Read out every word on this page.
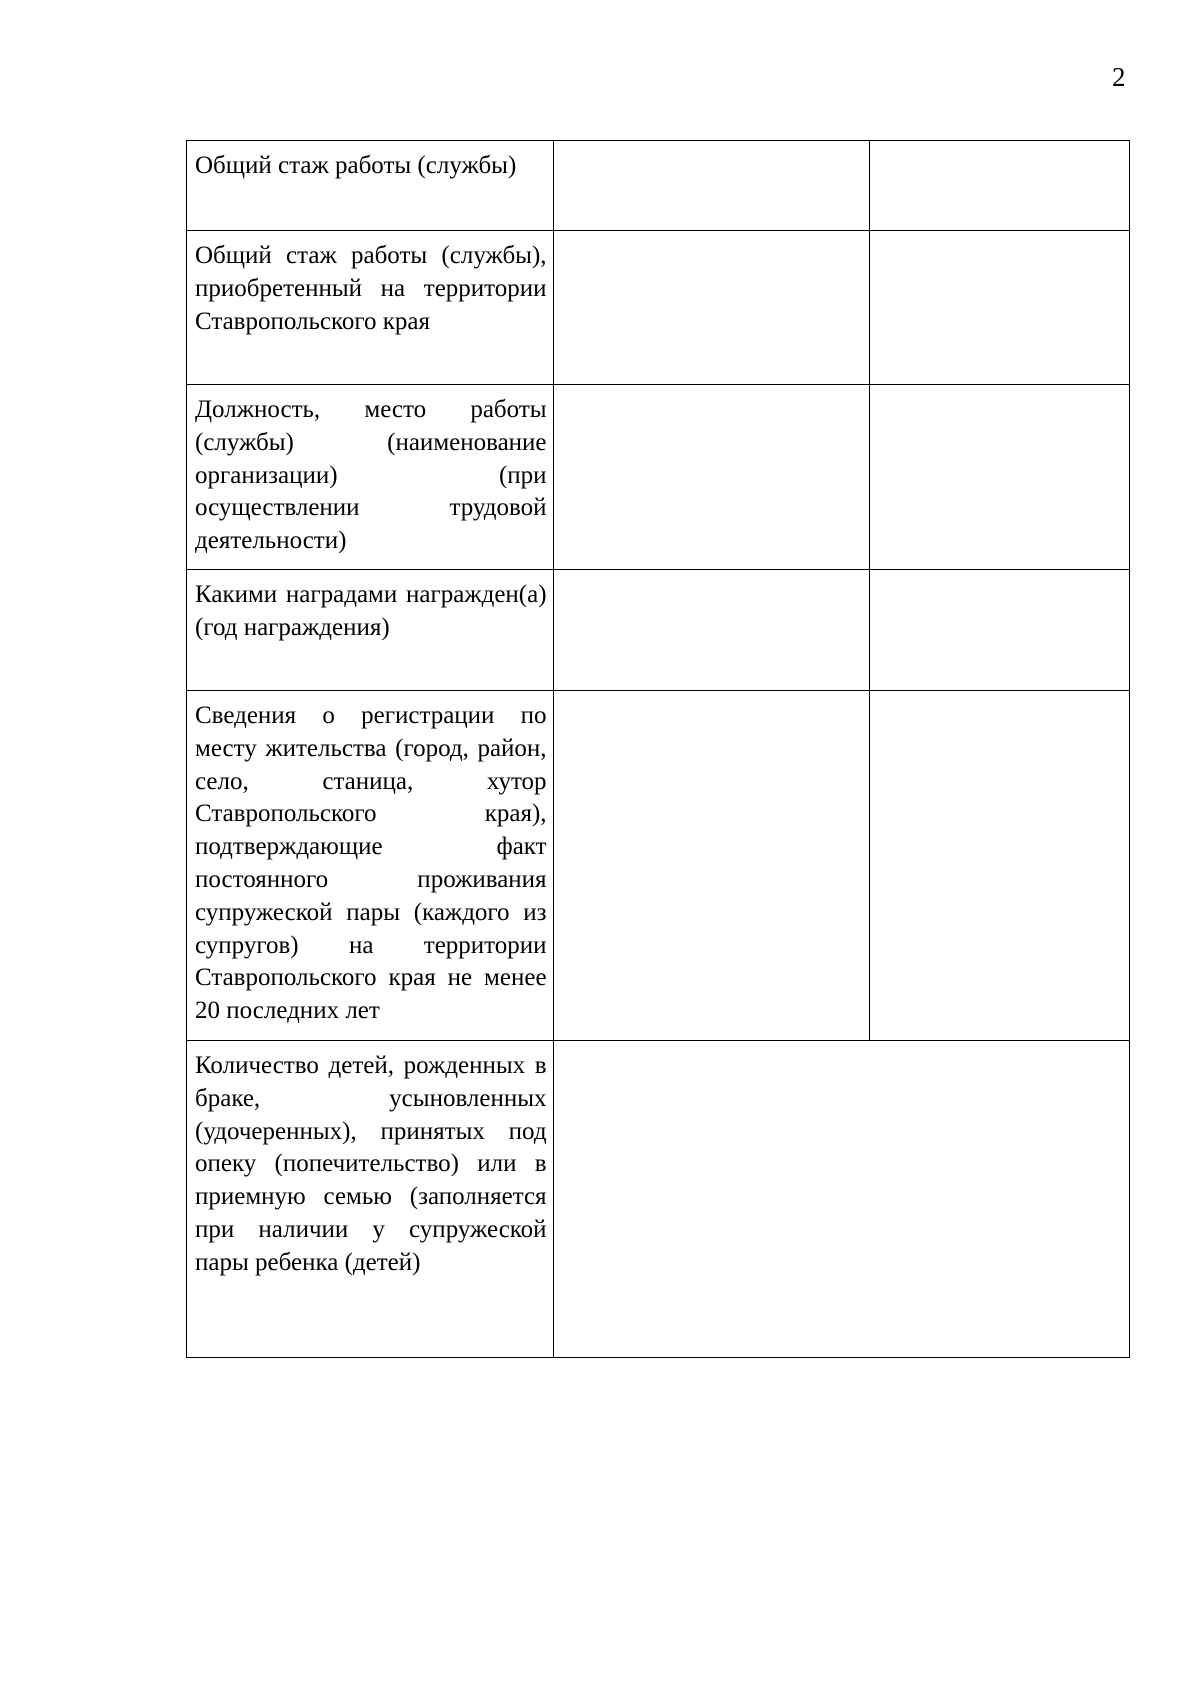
2
Общий стаж работы (службы)		
Общий стаж работы (службы), приобретенный на территории Ставропольского края		
Должность, место работы (службы) (наименование организации) (при осуществлении трудовой деятельности)		
Какими наградами награжден(а) (год награждения)		
Сведения о регистрации по месту жительства (город, район, село, станица, хутор Ставропольского края), подтверждающие факт постоянного проживания супружеской пары (каждого из супругов) на территории Ставропольского края не менее 20 последних лет		
Количество детей, рожденных в браке, усыновленных (удочеренных), принятых под опеку (попечительство) или в приемную семью (заполняется при наличии у супружеской пары ребенка (детей)		
